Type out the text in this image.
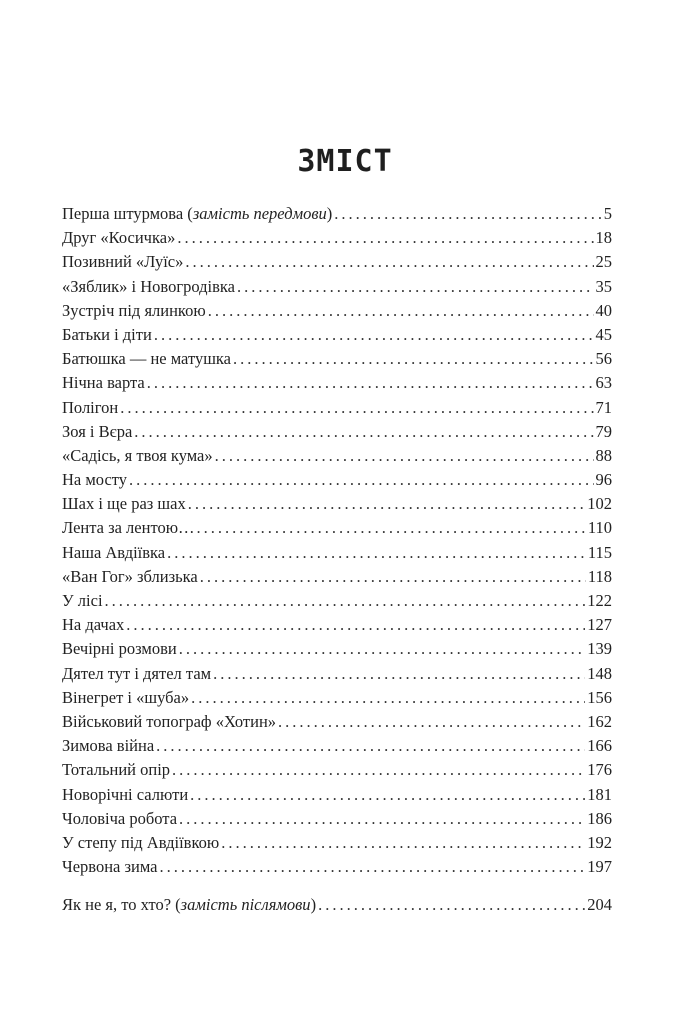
ЗМІСТ
Перша штурмова (замість передмови) .....	5
Друг «Косичка» .....	18
Позивний «Луїс» .....	25
«Зяблик» і Новогродівка .....	35
Зустріч під ялинкою .....	40
Батьки і діти .....	45
Батюшка — не матушка .....	56
Нічна варта .....	63
Полігон .....	71
Зоя і Вєра .....	79
«Садісь, я твоя кума» .....	88
На мосту .....	96
Шах і ще раз шах .....	102
Лента за лентою… .....	110
Наша Авдіївка .....	115
«Ван Гог» зблизька .....	118
У лісі .....	122
На дачах .....	127
Вечірні розмови .....	139
Дятел тут і дятел там .....	148
Вінегрет і «шуба» .....	156
Військовий топограф «Хотин» .....	162
Зимова війна .....	166
Тотальний опір .....	176
Новорічні салюти .....	181
Чоловіча робота .....	186
У степу під Авдіївкою .....	192
Червона зима .....	197
Як не я, то хто? (замість післямови) .....	204
